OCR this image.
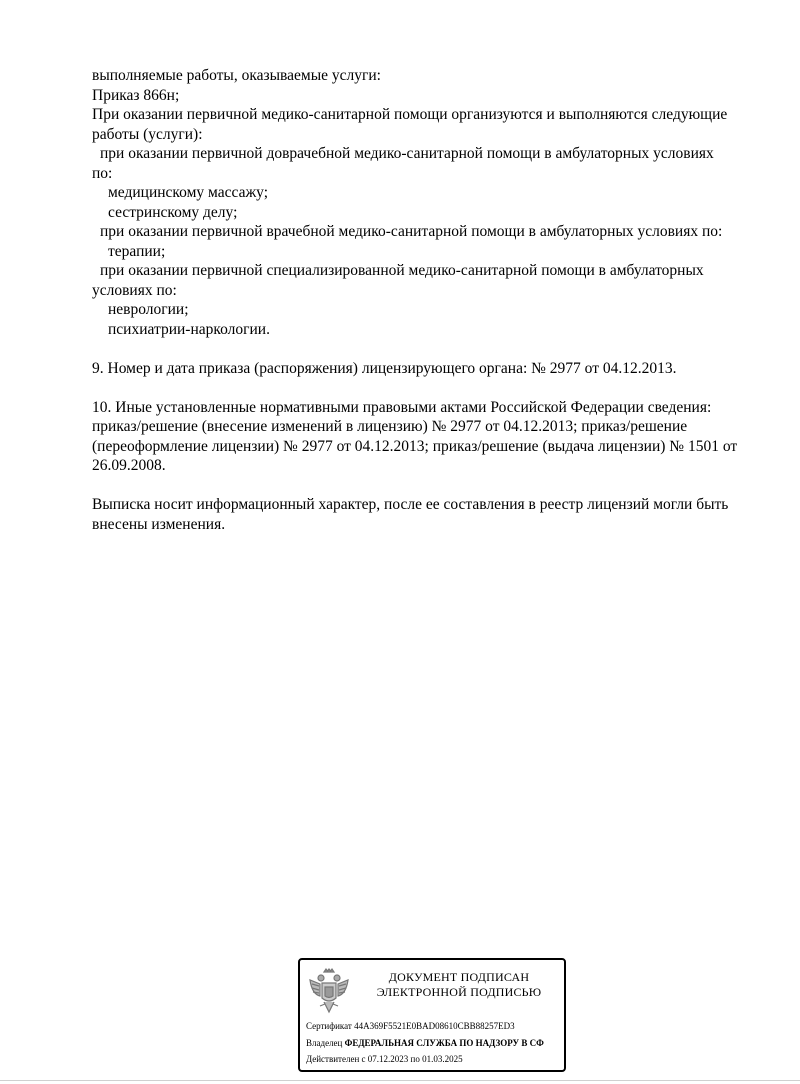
выполняемые работы, оказываемые услуги:
Приказ 866н;
При оказании первичной медико-санитарной помощи организуются и выполняются следующие
работы (услуги):
при оказании первичной доврачебной медико-санитарной помощи в амбулаторных условиях
по:
медицинскому массажу;
сестринскому делу;
при оказании первичной врачебной медико-санитарной помощи в амбулаторных условиях по:
терапии;
при оказании первичной специализированной медико-санитарной помощи в амбулаторных
условиях по:
неврологии;
психиатрии-наркологии.
9. Номер и дата приказа (распоряжения) лицензирующего органа: № 2977 от 04.12.2013.
10. Иные установленные нормативными правовыми актами Российской Федерации сведения:
приказ/решение (внесение изменений в лицензию) № 2977 от 04.12.2013; приказ/решение
(переоформление лицензии) № 2977 от 04.12.2013; приказ/решение (выдача лицензии) № 1501 от
26.09.2008.
Выписка носит информационный характер, после ее составления в реестр лицензий могли быть
внесены изменения.
ДОКУМЕНТ ПОДПИСАН
ЭЛЕКТРОННОЙ ПОДПИСЬЮ
Сертификат 44A369F5521E0BAD08610CBB88257ED3
Владелец ФЕДЕРАЛЬНАЯ СЛУЖБА ПО НАДЗОРУ В СФ
Действителен с 07.12.2023 по 01.03.2025
